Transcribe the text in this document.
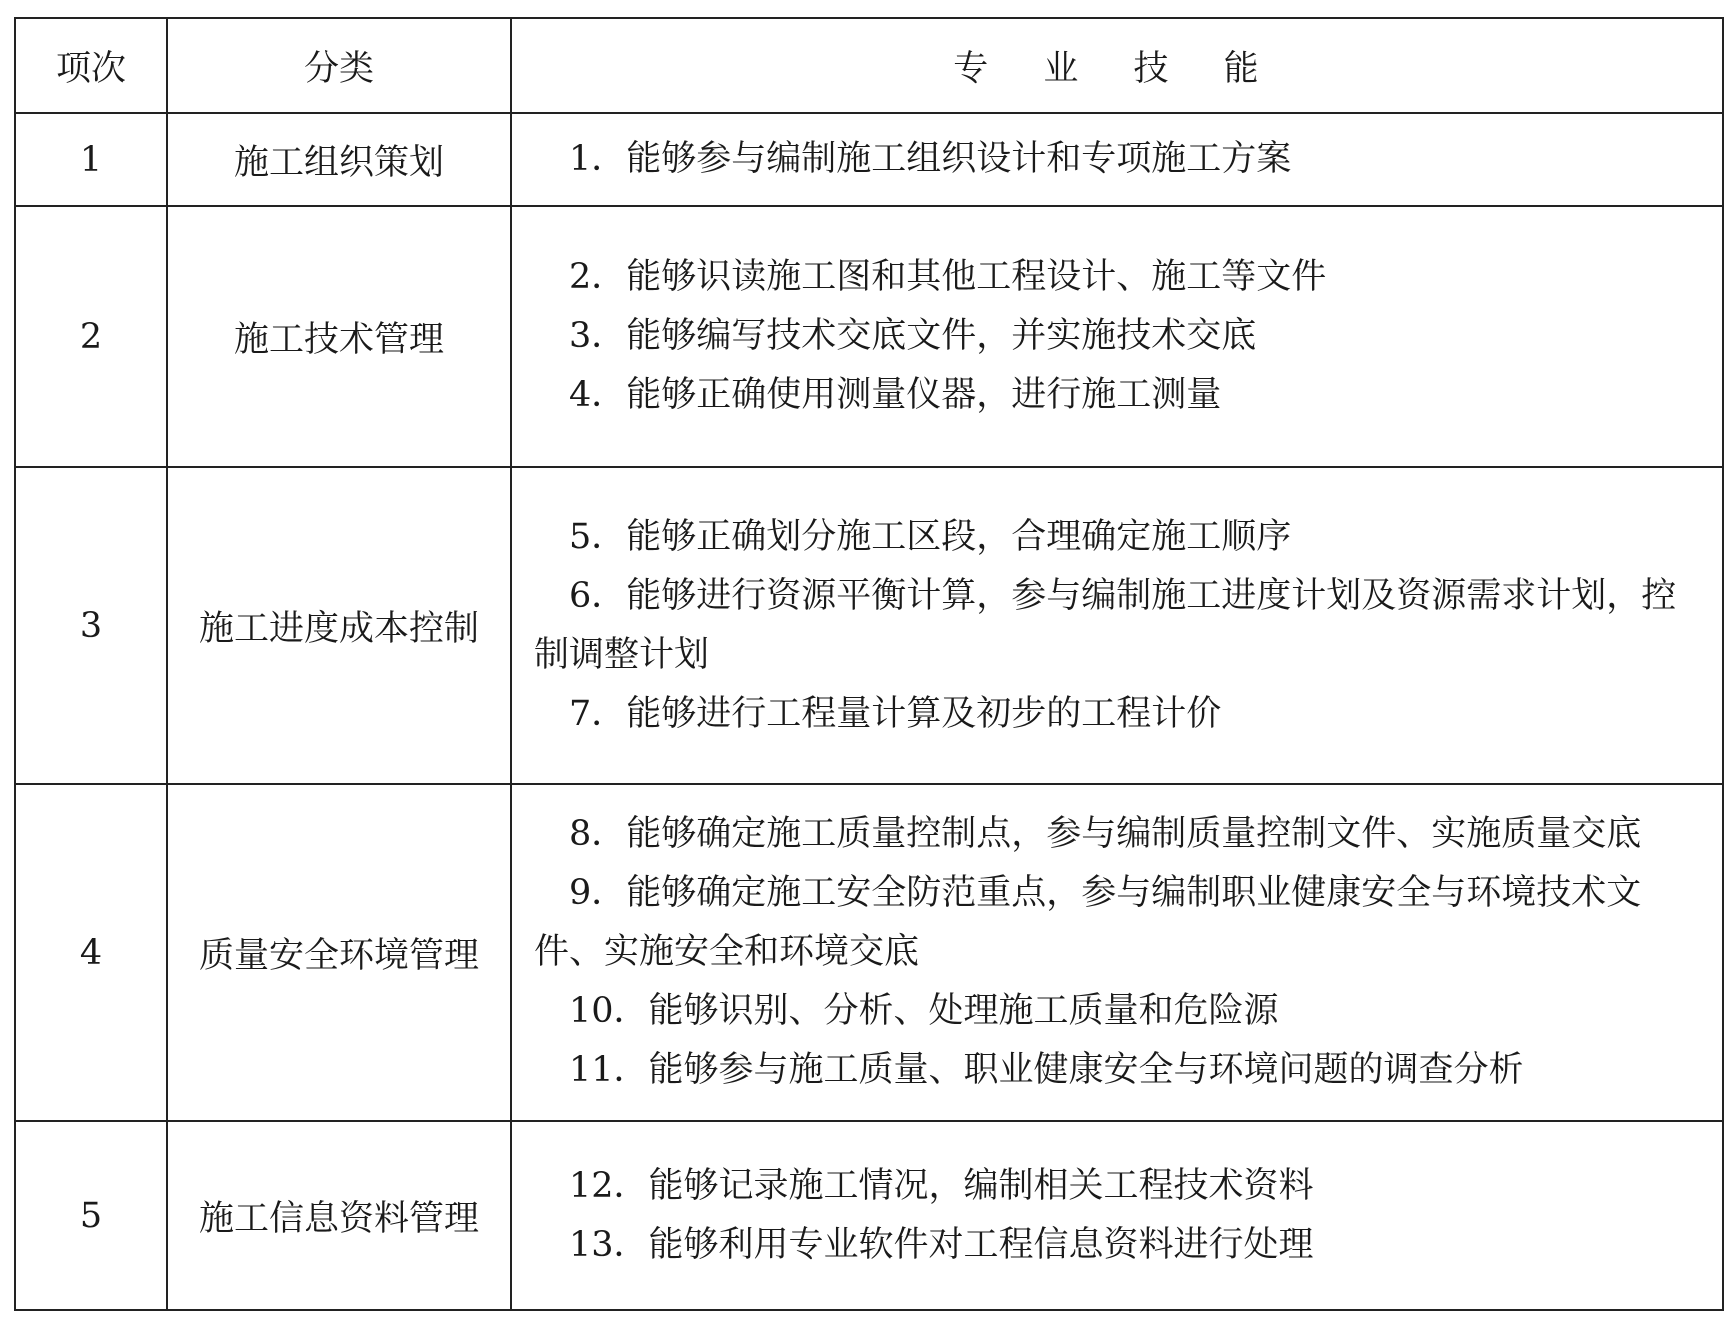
项次	分类	专 业 技 能
1	施工组织策划	1．能够参与编制施工组织设计和专项施工方案

2	施工技术管理	2．能够识读施工图和其他工程设计、施工等文件
3．能够编写技术交底文件，并实施技术交底
4．能够正确使用测量仪器，进行施工测量

3	施工进度成本控制	5．能够正确划分施工区段，合理确定施工顺序
6．能够进行资源平衡计算，参与编制施工进度计划及资源需求计划，控制调整计划
7．能够进行工程量计算及初步的工程计价

4	质量安全环境管理	8．能够确定施工质量控制点，参与编制质量控制文件、实施质量交底
9．能够确定施工安全防范重点，参与编制职业健康安全与环境技术文件、实施安全和环境交底
10．能够识别、分析、处理施工质量和危险源
11．能够参与施工质量、职业健康安全与环境问题的调查分析

5	施工信息资料管理	12．能够记录施工情况，编制相关工程技术资料
13．能够利用专业软件对工程信息资料进行处理
